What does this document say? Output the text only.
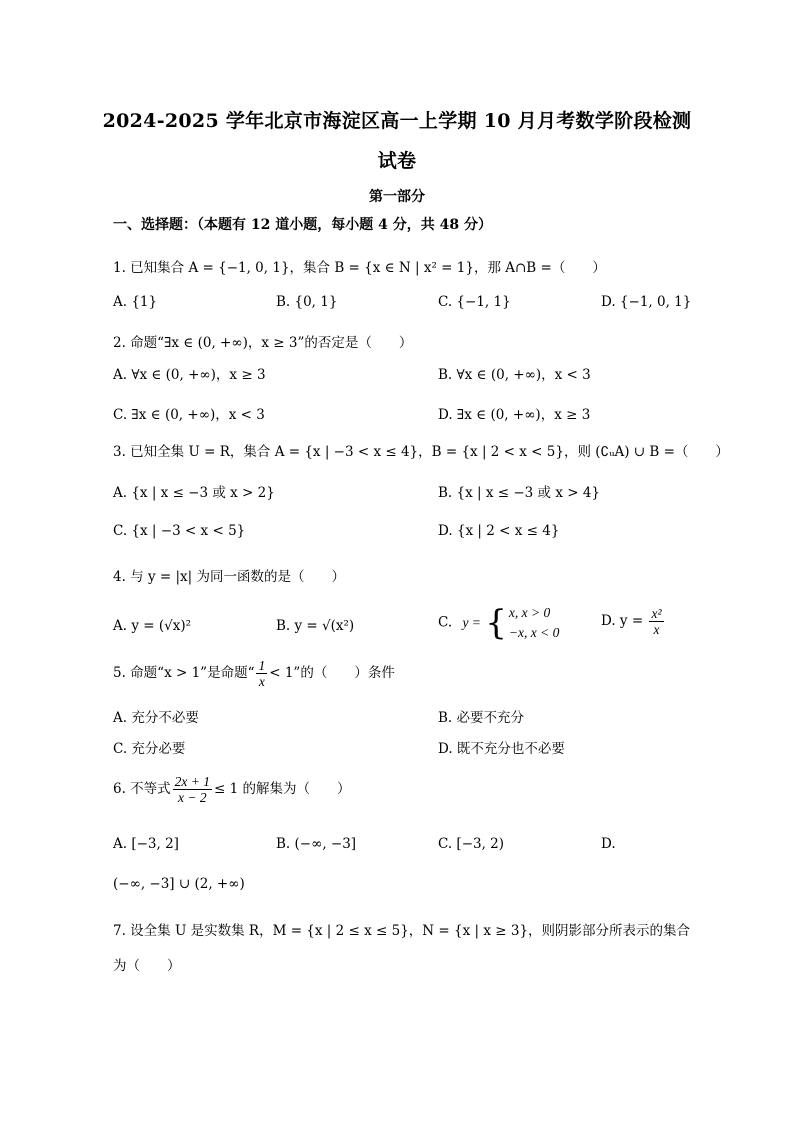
2024-2025 学年北京市海淀区高一上学期 10 月月考数学阶段检测
试卷
第一部分
一、选择题：（本题有 12 道小题，每小题 4 分，共 48 分）
1. 已知集合 A = {−1, 0, 1}，集合 B = {x ∈ N | x² = 1}，那 A∩B =（　　）
A. {1}	B. {0, 1}	C. {−1, 1}	D. {−1, 0, 1}
2. 命题“∃x ∈ (0, +∞)，x ≥ 3”的否定是（　　）
A. ∀x ∈ (0, +∞)，x ≥ 3	B. ∀x ∈ (0, +∞)，x < 3
C. ∃x ∈ (0, +∞)，x < 3	D. ∃x ∈ (0, +∞)，x ≥ 3
3. 已知全集 U = R，集合 A = {x | −3 < x ≤ 4}，B = {x | 2 < x < 5}，则 (∁ᵤA) ∪ B =（　　）
A. {x | x ≤ −3 或 x > 2}	B. {x | x ≤ −3 或 x > 4}
C. {x | −3 < x < 5}	D. {x | 2 < x ≤ 4}
4. 与 y = |x| 为同一函数的是（　　）
A. y = (√x)²	B. y = √(x²)	C. y = { x, x > 0
−x, x < 0
D. $y = \frac{\text{x²}}{x}$
5. 命题“x > 1”是命题“ $\frac{1}{x} < 1$”的（　　）条件
A. 充分不必要	B. 必要不充分
C. 充分必要	D. 既不充分也不必要
6. 不等式 $\frac{2x + 1}{x - 2} \le 1$ 的解集为（　　）
A. [−3, 2]	B. (−∞, −3]	C. [−3, 2)	D.
(−∞, −3] ∪ (2, +∞)
7. 设全集 U 是实数集 R，M = {x | 2 ≤ x ≤ 5}，N = {x | x ≥ 3}，则阴影部分所表示的集合
为（　　）
